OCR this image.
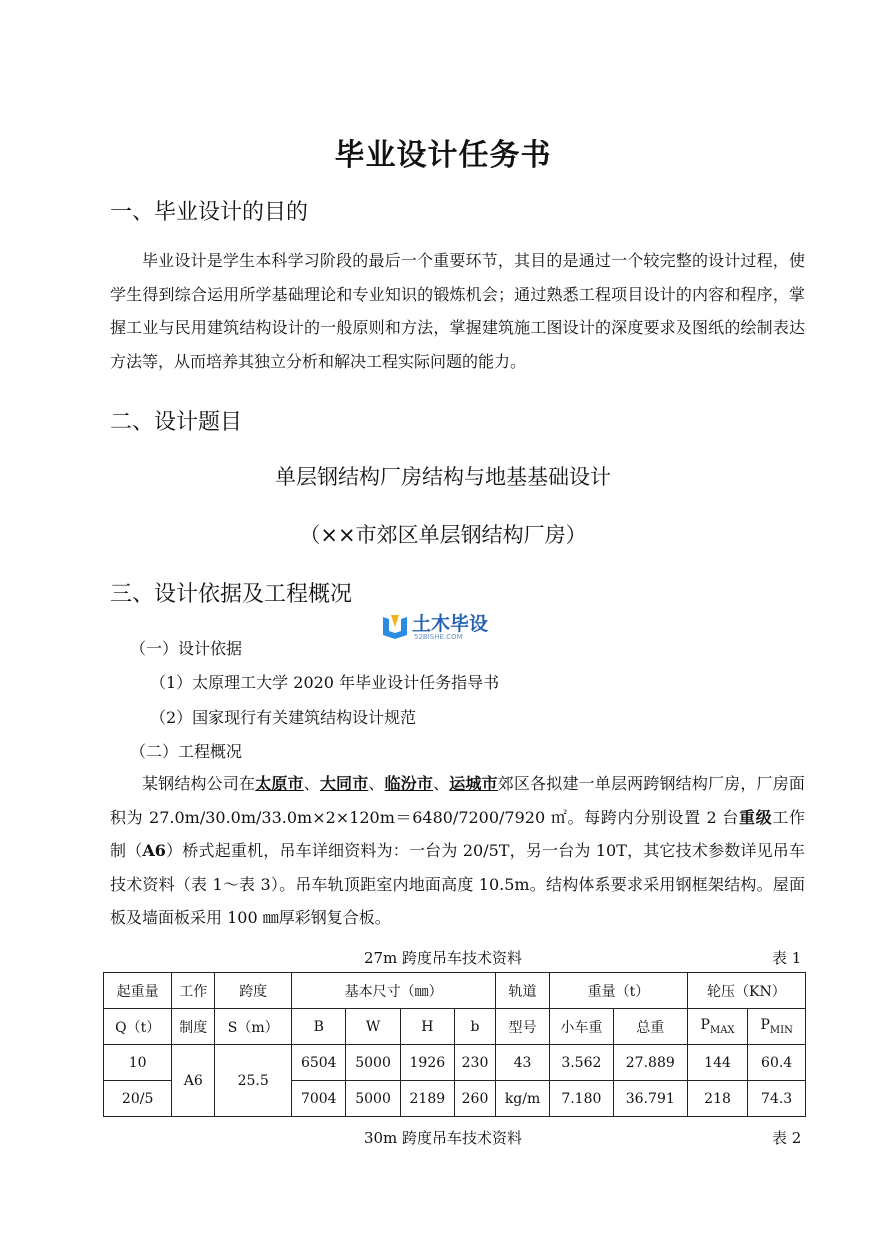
毕业设计任务书
一、毕业设计的目的

毕业设计是学生本科学习阶段的最后一个重要环节，其目的是通过一个较完整的设计过程，使学生得到综合运用所学基础理论和专业知识的锻炼机会；通过熟悉工程项目设计的内容和程序，掌握工业与民用建筑结构设计的一般原则和方法，掌握建筑施工图设计的深度要求及图纸的绘制表达方法等，从而培养其独立分析和解决工程实际问题的能力。

二、设计题目
单层钢结构厂房结构与地基基础设计
（××市郊区单层钢结构厂房）
三、设计依据及工程概况
土木毕设
52BISHE.COM
（一）设计依据
（1）太原理工大学 2020 年毕业设计任务指导书
（2）国家现行有关建筑结构设计规范
（二）工程概况

某钢结构公司在太原市、大同市、临汾市、运城市郊区各拟建一单层两跨钢结构厂房，厂房面积为 27.0m/30.0m/33.0m×2×120m＝6480/7200/7920 ㎡。每跨内分别设置 2 台重级工作制（A6）桥式起重机，吊车详细资料为：一台为 20/5T，另一台为 10T，其它技术参数详见吊车技术资料（表 1～表 3）。吊车轨顶距室内地面高度 10.5m。结构体系要求采用钢框架结构。屋面板及墙面板采用 100 ㎜厚彩钢复合板。

27m 跨度吊车技术资料	表 1
起重量	工作	跨度	基本尺寸（㎜）				轨道	重量（t）		轮压（KN）	
Q（t）	制度	S（m）	B	W	H	b	型号	小车重	总重	$P_{MAX}$	$P_{MIN}$
10	A6	25.5	6504	5000	1926	230	43	3.562	27.889	144	60.4
20/5			7004	5000	2189	260	kg/m	7.180	36.791	218	74.3
30m 跨度吊车技术资料	表 2
